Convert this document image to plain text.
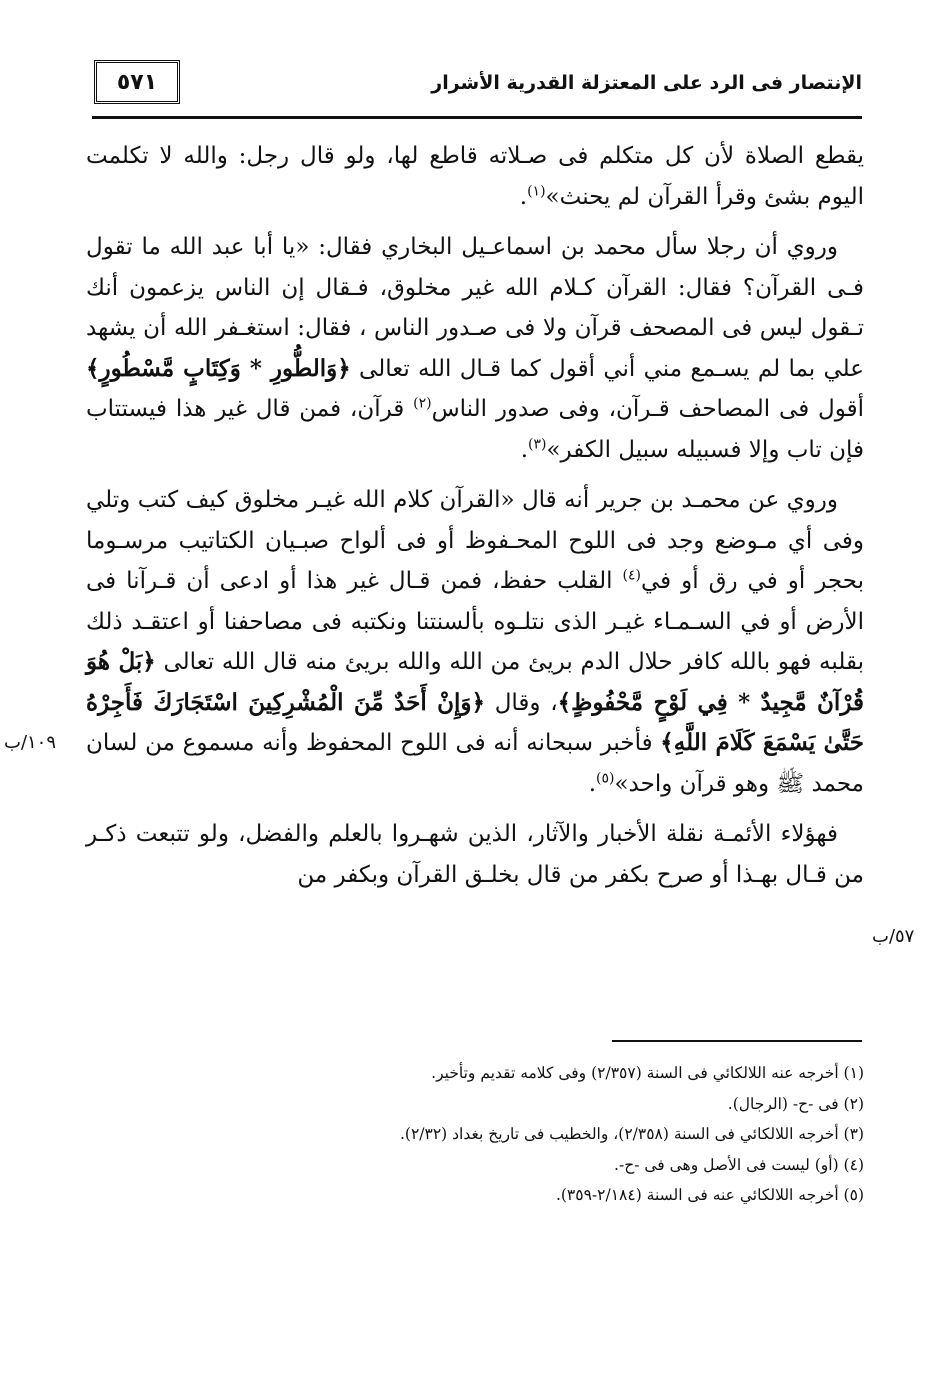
٥٧١	الإنتصار فى الرد على المعتزلة القدرية الأشرار

يقطع الصلاة لأن كل متكلم فى صـلاته قاطع لها، ولو قال رجل: والله لا تكلمت اليوم بشئ وقرأ القرآن لم يحنث»$^{(١)}$.

وروي أن رجلا سأل محمد بن اسماعـيل البخاري فقال: «يا أبا عبد الله ما تقول فـى القرآن؟ فقال: القرآن كـلام الله غير مخلوق، فـقال إن الناس يزعمون أنك تـقول ليس فى المصحف قرآن ولا فى صـدور الناس ، فقال: استغـفر الله أن يشهد علي بما لم يسـمع مني أني أقول كما قـال الله تعالى ﴿وَالطُّورِ * وَكِتَابٍ مَّسْطُورٍ﴾ أقول فى المصاحف قـرآن، وفى صدور الناس$^{(٢)}$ قرآن، فمن قال غير هذا فيستتاب فإن تاب وإلا فسبيله سبيل الكفر»$^{(٣)}$.

وروي عن محمـد بن جرير أنه قال «القرآن كلام الله غيـر مخلوق كيف كتب وتلي وفى أي مـوضع وجد فى اللوح المحـفوظ أو فى ألواح صبـيان الكتاتيب مرسـوما بحجر أو في رق أو في$^{(٤)}$ القلب حفظ، فمن قـال غير هذا أو ادعى أن قـرآنا فى الأرض أو في السـمـاء غيـر الذى نتلـوه بألسنتنا ونكتبه فى مصاحفنا أو اعتقـد ذلك بقلبه فهو بالله كافر حلال الدم بريئ من الله والله بريئ منه قال الله تعالى ﴿بَلْ هُوَ قُرْآنٌ مَّجِيدٌ * فِي لَوْحٍ مَّحْفُوظٍ﴾، وقال ﴿وَإِنْ أَحَدٌ مِّنَ الْمُشْرِكِينَ اسْتَجَارَكَ فَأَجِرْهُ حَتَّىٰ يَسْمَعَ كَلَامَ اللَّهِ﴾ فأخبر سبحانه أنه فى اللوح المحفوظ وأنه مسموع من لسان محمد ﷺ وهو قرآن واحد»$^{(٥)}$.

فهؤلاء الأئمـة نقلة الأخبار والآثار، الذين شهـروا بالعلم والفضل، ولو تتبعت ذكـر من قـال بهـذا أو صرح بكفر من قال بخلـق القرآن وبكفر من

١٠٩/ب
٥٧/ب

(١) أخرجه عنه اللالكائي فى السنة (٢/٣٥٧) وفى كلامه تقديم وتأخير.

(٢) فى -ح- (الرجال).

(٣) أخرجه اللالكائي فى السنة (٢/٣٥٨)، والخطيب فى تاريخ بغداد (٢/٣٢).

(٤) (أو) ليست فى الأصل وهى فى -ح-.

(٥) أخرجه اللالكائي عنه فى السنة (٢/١٨٤-٣٥٩).
